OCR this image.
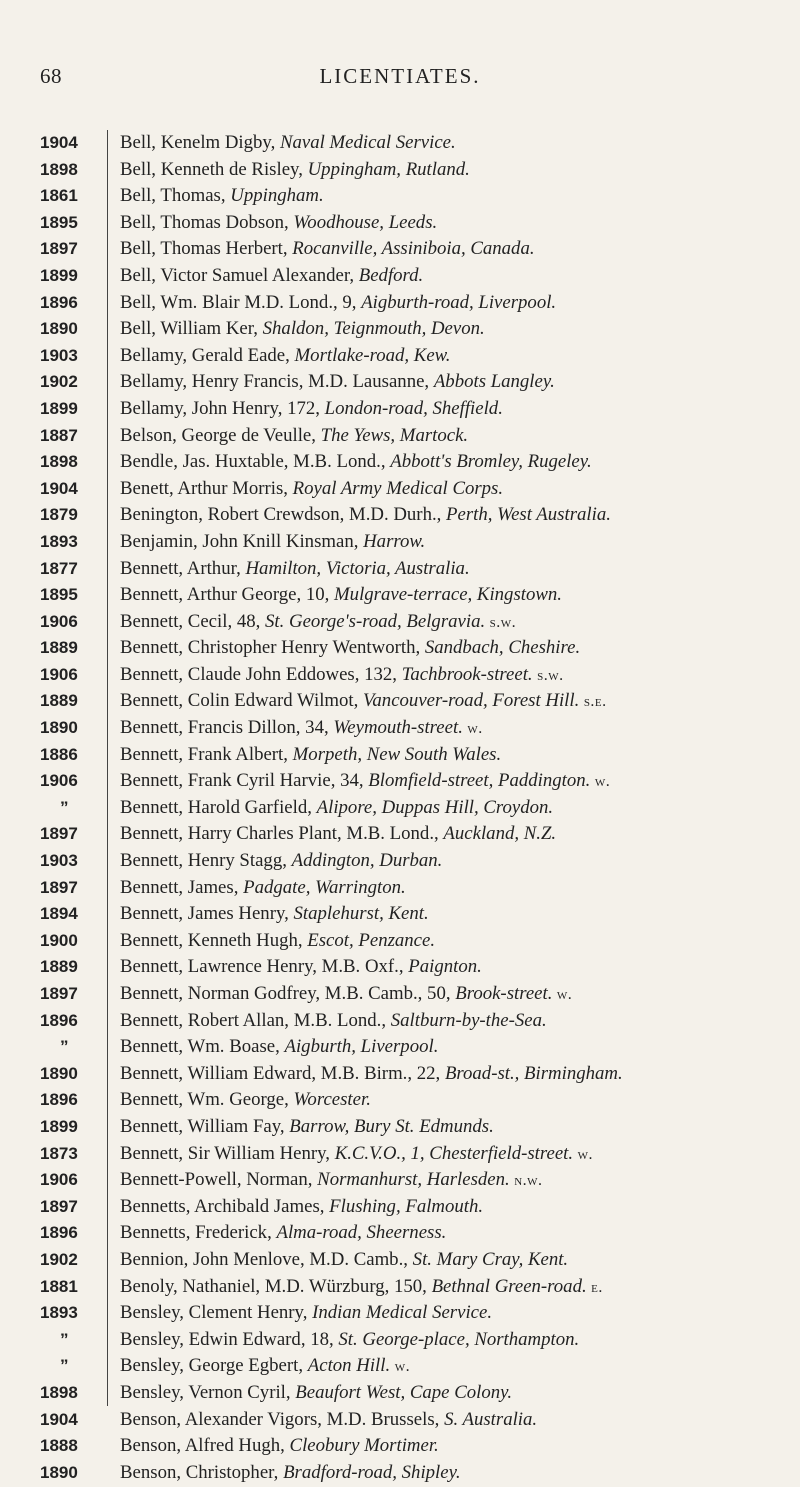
68	LICENTIATES.
1904	Bell, Kenelm Digby, Naval Medical Service.
1898	Bell, Kenneth de Risley, Uppingham, Rutland.
1861	Bell, Thomas, Uppingham.
1895	Bell, Thomas Dobson, Woodhouse, Leeds.
1897	Bell, Thomas Herbert, Rocanville, Assiniboia, Canada.
1899	Bell, Victor Samuel Alexander, Bedford.
1896	Bell, Wm. Blair M.D. Lond., 9, Aigburth-road, Liverpool.
1890	Bell, William Ker, Shaldon, Teignmouth, Devon.
1903	Bellamy, Gerald Eade, Mortlake-road, Kew.
1902	Bellamy, Henry Francis, M.D. Lausanne, Abbots Langley.
1899	Bellamy, John Henry, 172, London-road, Sheffield.
1887	Belson, George de Veulle, The Yews, Martock.
1898	Bendle, Jas. Huxtable, M.B. Lond., Abbott's Bromley, Rugeley.
1904	Benett, Arthur Morris, Royal Army Medical Corps.
1879	Benington, Robert Crewdson, M.D. Durh., Perth, West Australia.
1893	Benjamin, John Knill Kinsman, Harrow.
1877	Bennett, Arthur, Hamilton, Victoria, Australia.
1895	Bennett, Arthur George, 10, Mulgrave-terrace, Kingstown.
1906	Bennett, Cecil, 48, St. George's-road, Belgravia. s.w.
1889	Bennett, Christopher Henry Wentworth, Sandbach, Cheshire.
1906	Bennett, Claude John Eddowes, 132, Tachbrook-street. s.w.
1889	Bennett, Colin Edward Wilmot, Vancouver-road, Forest Hill. s.e.
1890	Bennett, Francis Dillon, 34, Weymouth-street. w.
1886	Bennett, Frank Albert, Morpeth, New South Wales.
1906	Bennett, Frank Cyril Harvie, 34, Blomfield-street, Paddington. w.
”	Bennett, Harold Garfield, Alipore, Duppas Hill, Croydon.
1897	Bennett, Harry Charles Plant, M.B. Lond., Auckland, N.Z.
1903	Bennett, Henry Stagg, Addington, Durban.
1897	Bennett, James, Padgate, Warrington.
1894	Bennett, James Henry, Staplehurst, Kent.
1900	Bennett, Kenneth Hugh, Escot, Penzance.
1889	Bennett, Lawrence Henry, M.B. Oxf., Paignton.
1897	Bennett, Norman Godfrey, M.B. Camb., 50, Brook-street. w.
1896	Bennett, Robert Allan, M.B. Lond., Saltburn-by-the-Sea.
”	Bennett, Wm. Boase, Aigburth, Liverpool.
1890	Bennett, William Edward, M.B. Birm., 22, Broad-st., Birmingham.
1896	Bennett, Wm. George, Worcester.
1899	Bennett, William Fay, Barrow, Bury St. Edmunds.
1873	Bennett, Sir William Henry, K.C.V.O., 1, Chesterfield-street. w.
1906	Bennett-Powell, Norman, Normanhurst, Harlesden. n.w.
1897	Bennetts, Archibald James, Flushing, Falmouth.
1896	Bennetts, Frederick, Alma-road, Sheerness.
1902	Bennion, John Menlove, M.D. Camb., St. Mary Cray, Kent.
1881	Benoly, Nathaniel, M.D. Würzburg, 150, Bethnal Green-road. e.
1893	Bensley, Clement Henry, Indian Medical Service.
”	Bensley, Edwin Edward, 18, St. George-place, Northampton.
”	Bensley, George Egbert, Acton Hill. w.
1898	Bensley, Vernon Cyril, Beaufort West, Cape Colony.
1904	Benson, Alexander Vigors, M.D. Brussels, S. Australia.
1888	Benson, Alfred Hugh, Cleobury Mortimer.
1890	Benson, Christopher, Bradford-road, Shipley.
